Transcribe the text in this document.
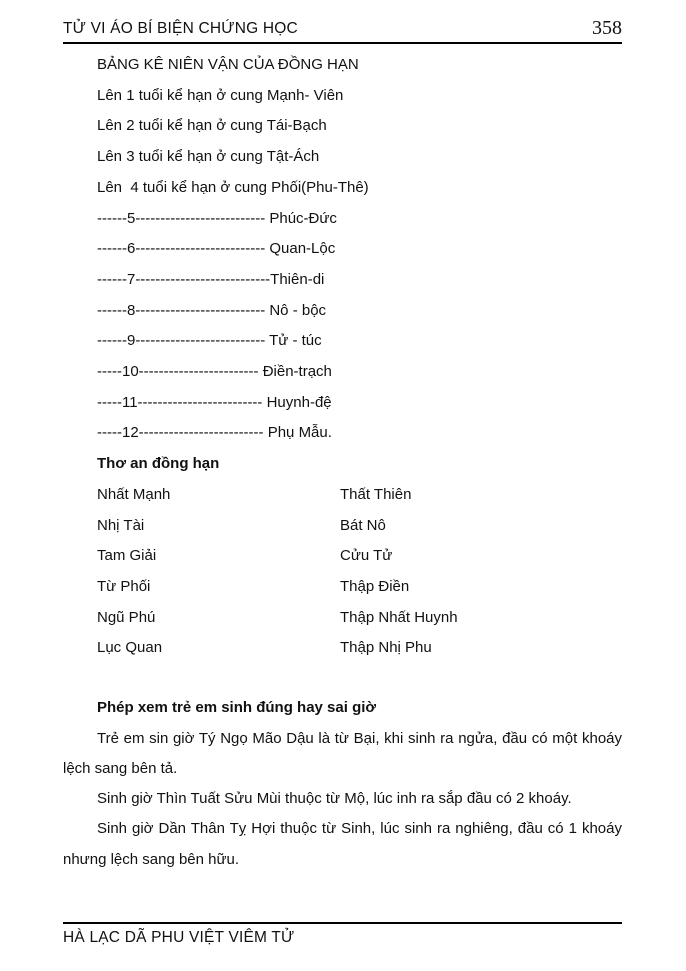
TỬ VI ÁO BÍ BIỆN CHỨNG HỌC	358
BẢNG KÊ NIÊN VẬN CỦA ĐỒNG HẠN
Lên 1 tuổi kể hạn ở cung Mạnh- Viên
Lên 2 tuổi kể hạn ở cung Tái-Bạch
Lên 3 tuổi kể hạn ở cung Tật-Ách
Lên  4 tuổi kể hạn ở cung Phối(Phu-Thê)
------5-------------------------- Phúc-Đức
------6-------------------------- Quan-Lộc
------7---------------------------Thiên-di
------8-------------------------- Nô - bộc
------9-------------------------- Tử - túc
-----10------------------------ Điền-trạch
-----11------------------------- Huynh-đệ
-----12------------------------- Phụ Mẫu.
Thơ an đồng hạn
Nhất Mạnh	Thất Thiên
Nhị Tài	Bát Nô
Tam Giải	Cửu Tử
Từ Phối	Thập Điền
Ngũ Phú	Thập Nhất Huynh
Lục Quan	Thập Nhị Phu
Phép xem trẻ em sinh đúng hay sai giờ

Trẻ em sin giờ Tý Ngọ Mão Dậu là từ Bại, khi sinh ra ngửa, đầu có một khoáy lệch sang bên tả.

Sinh giờ Thìn Tuất Sửu Mùi thuộc từ Mộ, lúc inh ra sắp đầu có 2 khoáy.

Sinh giờ Dần Thân Tỵ Hợi thuộc từ Sinh, lúc sinh ra nghiêng, đầu có 1 khoáy nhưng lệch sang bên hữu.

HÀ LẠC DÃ PHU VIỆT VIÊM TỬ
